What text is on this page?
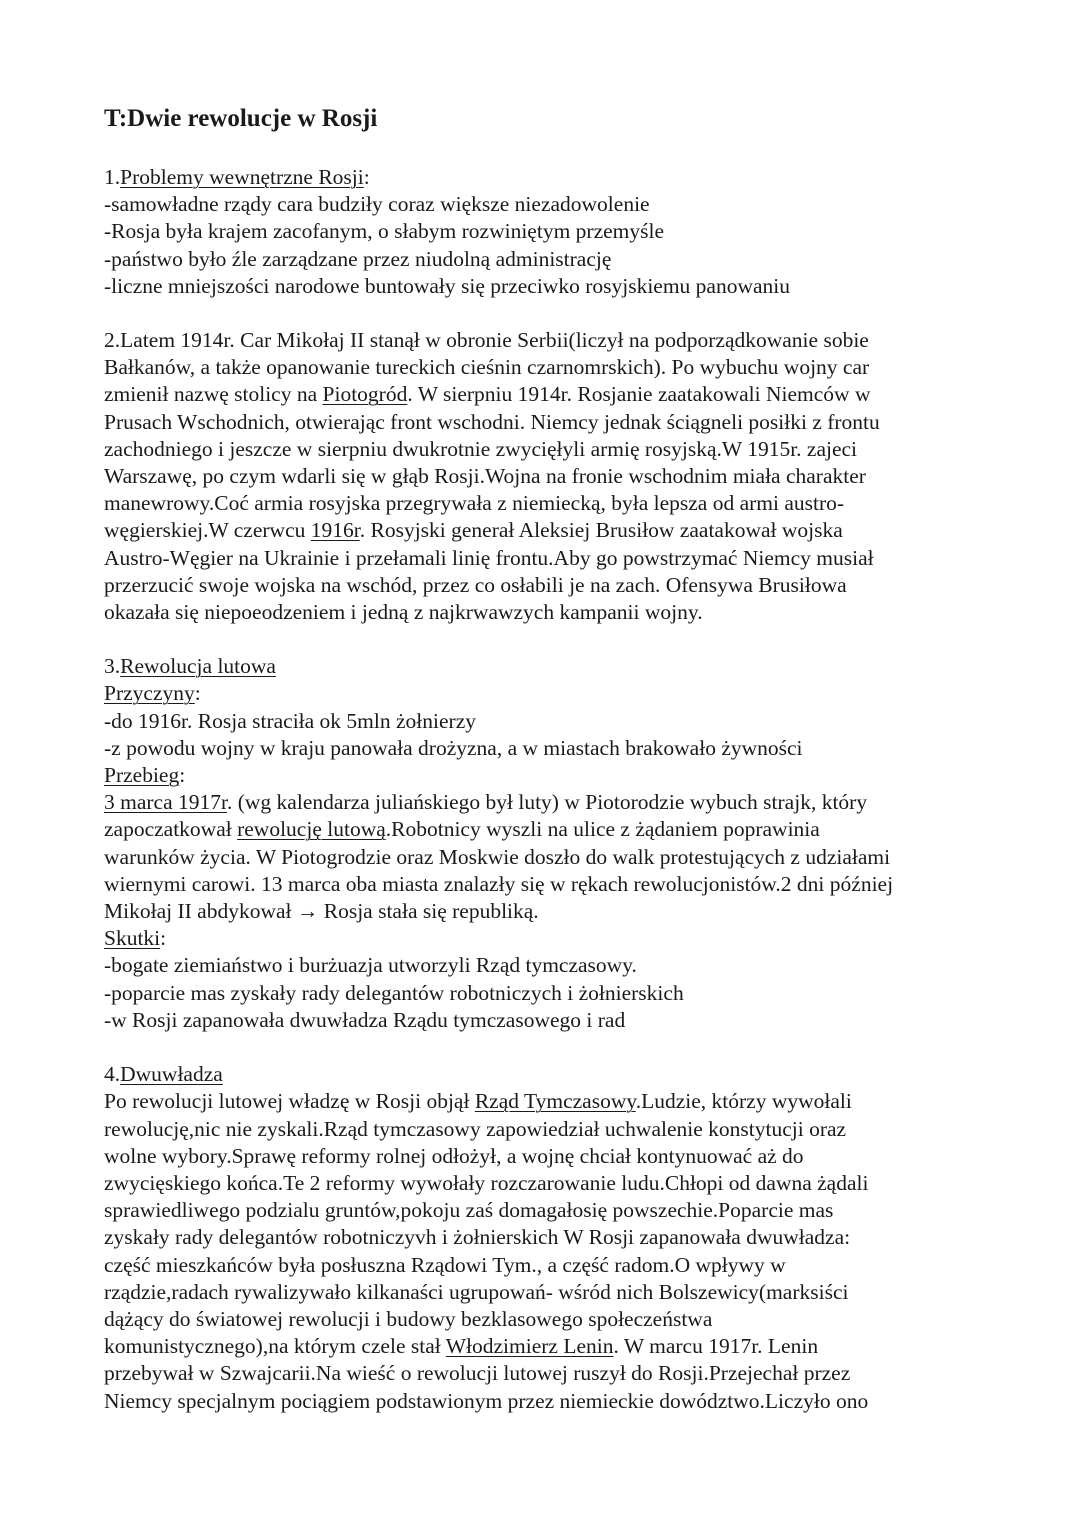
T:Dwie rewolucje w Rosji
1.Problemy wewnętrzne Rosji:
-samowładne rządy cara budziły coraz większe niezadowolenie
-Rosja była krajem zacofanym, o słabym rozwiniętym przemyśle
-państwo było źle zarządzane przez niudolną administrację
-liczne mniejszości narodowe buntowały się przeciwko rosyjskiemu panowaniu
2.Latem 1914r. Car Mikołaj II stanął w obronie Serbii(liczył na podporządkowanie sobie
Bałkanów, a także opanowanie tureckich cieśnin czarnomrskich). Po wybuchu wojny car
zmienił nazwę stolicy na Piotogród. W sierpniu 1914r. Rosjanie zaatakowali Niemców w
Prusach Wschodnich, otwierając front wschodni. Niemcy jednak ściągneli posiłki z frontu
zachodniego i jeszcze w sierpniu dwukrotnie zwycięłyli armię rosyjską.W 1915r. zajeci
Warszawę, po czym wdarli się w głąb Rosji.Wojna na fronie wschodnim miała charakter
manewrowy.Coć armia rosyjska przegrywała z niemiecką, była lepsza od armi austro-
węgierskiej.W czerwcu 1916r. Rosyjski generał Aleksiej Brusiłow zaatakował wojska
Austro-Węgier na Ukrainie i przełamali linię frontu.Aby go powstrzymać Niemcy musiał
przerzucić swoje wojska na wschód, przez co osłabili je na zach. Ofensywa Brusiłowa
okazała się niepoeodzeniem i jedną z najkrwawzych kampanii wojny.
3.Rewolucja lutowa
Przyczyny:
-do 1916r. Rosja straciła ok 5mln żołnierzy
-z powodu wojny w kraju panowała drożyzna, a w miastach brakowało żywności
Przebieg:
3 marca 1917r. (wg kalendarza juliańskiego był luty) w Piotorodzie wybuch strajk, który
zapoczatkował rewolucję lutową.Robotnicy wyszli na ulice z żądaniem poprawinia
warunków życia. W Piotogrodzie oraz Moskwie doszło do walk protestujących z udziałami
wiernymi carowi. 13 marca oba miasta znalazły się w rękach rewolucjonistów.2 dni później
Mikołaj II abdykował → Rosja stała się republiką.
Skutki:
-bogate ziemiaństwo i burżuazja utworzyli Rząd tymczasowy.
-poparcie mas zyskały rady delegantów robotniczych i żołnierskich
-w Rosji zapanowała dwuwładza Rządu tymczasowego i rad
4.Dwuwładza
Po rewolucji lutowej władzę w Rosji objął Rząd Tymczasowy.Ludzie, którzy wywołali
rewolucję,nic nie zyskali.Rząd tymczasowy zapowiedział uchwalenie konstytucji oraz
wolne wybory.Sprawę reformy rolnej odłożył, a wojnę chciał kontynuować aż do
zwycięskiego końca.Te 2 reformy wywołały rozczarowanie ludu.Chłopi od dawna żądali
sprawiedliwego podzialu gruntów,pokoju zaś domagałosię powszechie.Poparcie mas
zyskały rady delegantów robotniczyvh i żołnierskich W Rosji zapanowała dwuwładza:
część mieszkańców była posłuszna Rządowi Tym., a część radom.O wpływy w
rządzie,radach rywalizywało kilkanaści ugrupowań- wśród nich Bolszewicy(marksiści
dążący do światowej rewolucji i budowy bezklasowego społeczeństwa
komunistycznego),na którym czele stał Włodzimierz Lenin. W marcu 1917r. Lenin
przebywał w Szwajcarii.Na wieść o rewolucji lutowej ruszył do Rosji.Przejechał przez
Niemcy specjalnym pociągiem podstawionym przez niemieckie dowództwo.Liczyło ono
